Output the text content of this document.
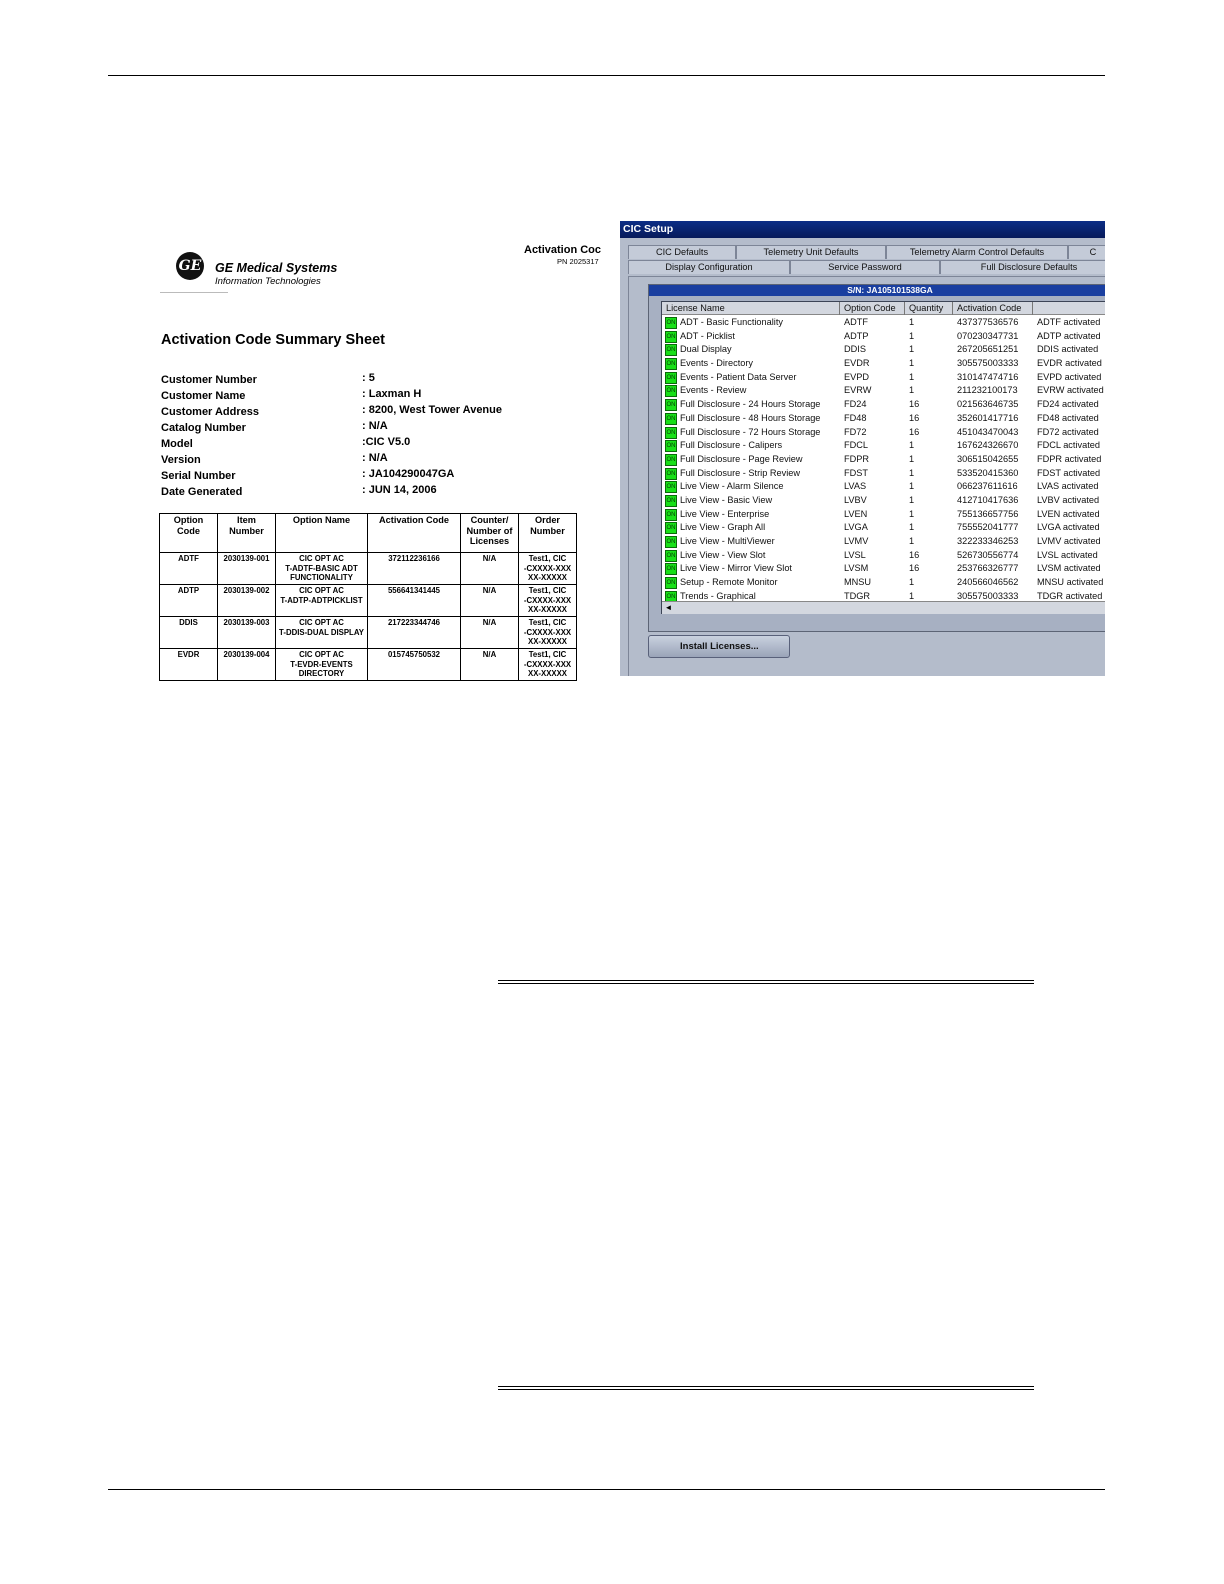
GE GE Medical Systems
Information Technologies
Activation Coc
PN 2025317
Activation Code Summary Sheet
Customer Number	: 5
Customer Name	: Laxman H
Customer Address	: 8200, West Tower Avenue
Catalog Number	: N/A
Model	:CIC V5.0
Version	: N/A
Serial Number	: JA104290047GA
Date Generated	: JUN 14, 2006
Option Code	Item Number	Option Name	Activation Code	Counter/ Number of Licenses	Order Number
ADTF	2030139-001	CIC OPT AC
T-ADTF-BASIC ADT
FUNCTIONALITY	372112236166	N/A	Test1, CIC
-CXXXX-XXX
XX-XXXXX
ADTP	2030139-002	CIC OPT AC
T-ADTP-ADTPICKLIST	556641341445	N/A	Test1, CIC
-CXXXX-XXX
XX-XXXXX
DDIS	2030139-003	CIC OPT AC
T-DDIS-DUAL DISPLAY	217223344746	N/A	Test1, CIC
-CXXXX-XXX
XX-XXXXX
EVDR	2030139-004	CIC OPT AC
T-EVDR-EVENTS
DIRECTORY	015745750532	N/A	Test1, CIC
-CXXXX-XXX
XX-XXXXX
CIC Setup
CIC Defaults	Telemetry Unit Defaults	Telemetry Alarm Control Defaults	C
Display Configuration	Service Password	Full Disclosure Defaults
S/N: JA105101538GA
License Name	Option Code	Quantity	Activation Code
ON ADT - Basic Functionality	ADTF	1	437377536576 ADTF activated
ON ADT - Picklist	ADTP	1	070230347731 ADTP activated
ON Dual Display	DDIS	1	267205651251 DDIS activated
ON Events - Directory	EVDR	1	305575003333 EVDR activated
ON Events - Patient Data Server	EVPD	1	310147474716 EVPD activated
ON Events - Review	EVRW	1	211232100173 EVRW activated
ON Full Disclosure - 24 Hours Storage	FD24	16	021563646735 FD24 activated
ON Full Disclosure - 48 Hours Storage	FD48	16	352601417716 FD48 activated
ON Full Disclosure - 72 Hours Storage	FD72	16	451043470043 FD72 activated
ON Full Disclosure - Calipers	FDCL	1	167624326670 FDCL activated
ON Full Disclosure - Page Review	FDPR	1	306515042655 FDPR activated
ON Full Disclosure - Strip Review	FDST	1	533520415360 FDST activated
ON Live View - Alarm Silence	LVAS	1	066237611616 LVAS activated
ON Live View - Basic View	LVBV	1	412710417636 LVBV activated
ON Live View - Enterprise	LVEN	1	755136657756 LVEN activated
ON Live View - Graph All	LVGA	1	755552041777 LVGA activated
ON Live View - MultiViewer	LVMV	1	322233346253 LVMV activated
ON Live View - View Slot	LVSL	16	526730556774 LVSL activated
ON Live View - Mirror View Slot	LVSM	16	253766326777 LVSM activated
ON Setup - Remote Monitor	MNSU	1	240566046562 MNSU activated
ON Trends - Graphical	TDGR	1	305575003333 TDGR activated
◄
Install Licenses...
